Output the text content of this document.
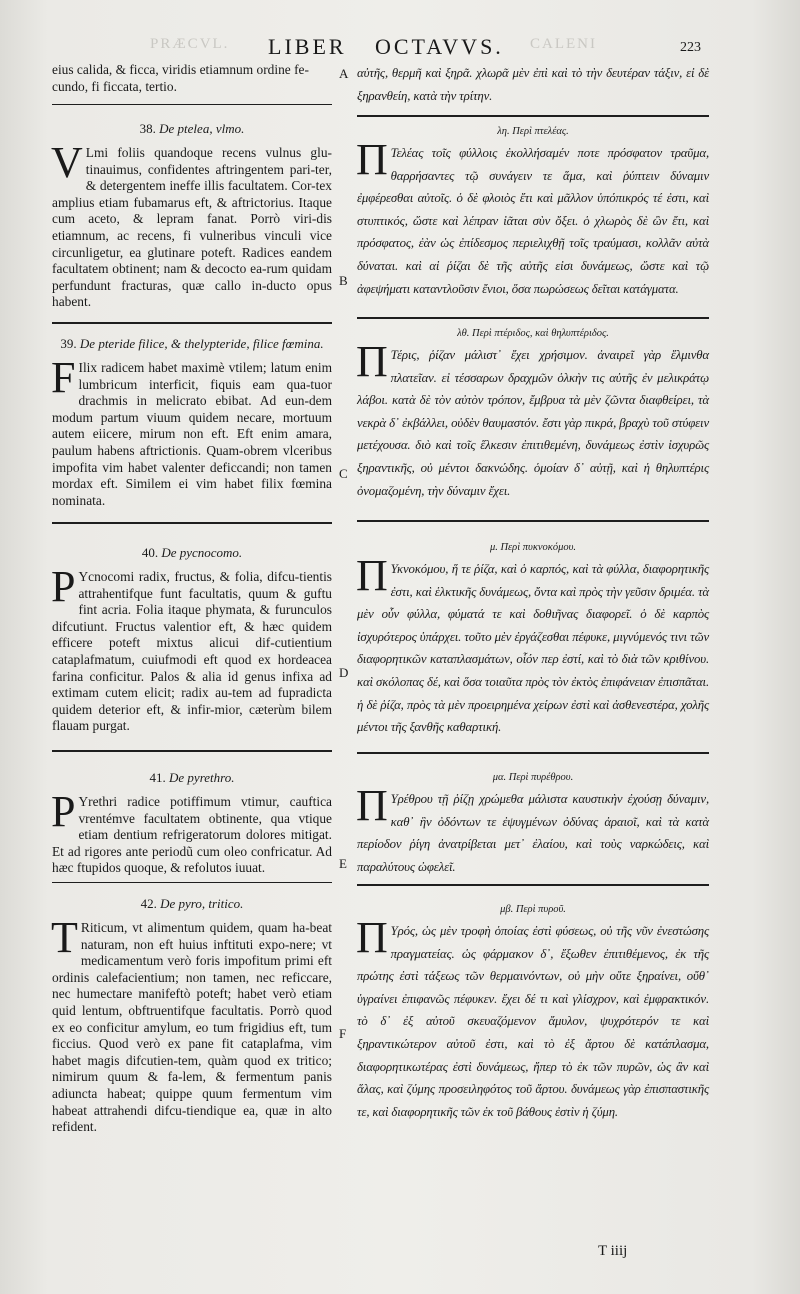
PRÆCVL.	CALENI
LIBER OCTAVVS.	223
A
B
C
D
E
F

eius calida, & ficca, viridis etiamnum ordine fe-cundo, fi ficcata, tertio.

38. De ptelea, vlmo.
V Lmi foliis quandoque recens vulnus glu-tinauimus, confidentes aftringentem pari-ter, & detergentem ineffe illis facultatem. Cor-tex amplius etiam fubamarus eft, & aftrictorius. Itaque cum aceto, & lepram fanat. Porrò viri-dis etiamnum, ac recens, fi vulneribus vinculi vice circunligetur, ea glutinare poteft. Radices eandem facultatem obtinent; nam & decocto ea-rum quidam perfundunt fracturas, quæ callo in-ducto opus habent.
39. De pteride filice, & thelypteride, filice fœmina.
F Ilix radicem habet maximè vtilem; latum enim lumbricum interficit, fiquis eam qua-tuor drachmis in melicrato ebibat. Ad eun-dem modum partum viuum quidem necare, mortuum autem eiicere, mirum non eft. Eft enim amara, paulum habens aftrictionis. Quam-obrem vlceribus impofita vim habet valenter deficcandi; non tamen mordax eft. Similem ei vim habet filix fœmina nominata.
40. De pycnocomo.
P Ycnocomi radix, fructus, & folia, difcu-tientis attrahentifque funt facultatis, quum & guftu fint acria. Folia itaque phymata, & furunculos difcutiunt. Fructus valentior eft, & hæc quidem efficere poteft mixtus alicui dif-cutientium cataplafmatum, cuiufmodi eft quod ex hordeacea farina conficitur. Palos & alia id genus infixa ad extimam cutem elicit; radix au-tem ad fupradicta quidem deterior eft, & infir-mior, cæterùm bilem flauam purgat.
41. De pyrethro.
P Yrethri radice potiffimum vtimur, cauftica vrentémve facultatem obtinente, qua vtique etiam dentium refrigeratorum dolores mitigat. Et ad rigores ante periodũ cum oleo confricatur. Ad hæc ftupidos quoque, & refolutos iuuat.
42. De pyro, tritico.
T Riticum, vt alimentum quidem, quam ha-beat naturam, non eft huius inftituti expo-nere; vt medicamentum verò foris impofitum primi eft ordinis calefacientium; non tamen, nec reficcare, nec humectare manifeftò poteft; habet verò etiam quid lentum, obftruentifque facultatis. Porrò quod ex eo conficitur amylum, eo tum frigidius eft, tum ficcius. Quod verò ex pane fit cataplafma, vim habet magis difcutien-tem, quàm quod ex tritico; nimirum quum & fa-lem, & fermentum panis adiuncta habeat; quippe quum fermentum vim habeat attrahendi difcu-tiendique ea, quæ in alto refident.

αὐτῆς, θερμῆ καὶ ξηρᾶ. χλωρᾶ μὲν ἐπὶ καὶ τὸ τὴν δευτέραν τάξιν, εἰ δὲ ξηρανθείη, κατὰ τὴν τρίτην.

λη. Περὶ πτελέας.

Π Τελέας τοῖς φύλλοις ἐκολλήσαμέν ποτε πρόσφατον τραῦμα, θαρρήσαντες τῷ συνάγειν τε ἅμα, καὶ ῥύπτειν δύναμιν ἐμφέρεσθαι αὐτοῖς. ὁ δὲ φλοιὸς ἔτι καὶ μᾶλλον ὑπόπικρός τέ ἐστι, καὶ στυπτικός, ὥστε καὶ λέπραν ἰᾶται σὺν ὄξει. ὁ χλωρὸς δὲ ὢν ἔτι, καὶ πρόσφατος, ἐὰν ὡς ἐπίδεσμος περιελιχθῇ τοῖς τραύμασι, κολλᾶν αὐτὰ δύναται. καὶ αἱ ῥίζαι δὲ τῆς αὐτῆς εἰσι δυνάμεως, ὥστε καὶ τῷ ἀφεψήματι καταντλοῦσιν ἔνιοι, ὅσα πωρώσεως δεῖται κατάγματα.

λθ. Περὶ πτέριδος, καὶ θηλυπτέριδος.

Π Τέρις, ῥίζαν μάλιστ᾿ ἔχει χρήσιμον. ἀναιρεῖ γὰρ ἕλμινθα πλατεῖαν. εἰ τέσσαρων δραχμῶν ὁλκὴν τις αὐτῆς ἐν μελικράτῳ λάβοι. κατὰ δὲ τὸν αὐτὸν τρόπον, ἔμβρυα τὰ μὲν ζῶντα διαφθείρει, τὰ νεκρὰ δ᾿ ἐκβάλλει, οὐδὲν θαυμαστόν. ἔστι γὰρ πικρά, βραχὺ τοῦ στύφειν μετέχουσα. διὸ καὶ τοῖς ἕλκεσιν ἐπιτιθεμένη, δυνάμεως ἐστὶν ἰσχυρῶς ξηραντικῆς, οὐ μέντοι δακνώδης. ὁμοίαν δ᾿ αὐτῇ, καὶ ἡ θηλυπτέρις ὀνομαζομένη, τὴν δύναμιν ἔχει.

μ. Περὶ πυκνοκόμου.

Π Υκνοκόμου, ἥ τε ῥίζα, καὶ ὁ καρπός, καὶ τὰ φύλλα, διαφορητικῆς ἐστι, καὶ ἑλκτικῆς δυνάμεως, ὄντα καὶ πρὸς τὴν γεῦσιν δριμέα. τὰ μὲν οὖν φύλλα, φύματά τε καὶ δοθιῆνας διαφορεῖ. ὁ δὲ καρπὸς ἰσχυρότερος ὑπάρχει. τοῦτο μὲν ἐργάζεσθαι πέφυκε, μιγνύμενός τινι τῶν διαφορητικῶν καταπλασμάτων, οἷόν περ ἐστί, καὶ τὸ διὰ τῶν κριθίνου. καὶ σκόλοπας δέ, καὶ ὅσα τοιαῦτα πρὸς τὸν ἐκτὸς ἐπιφάνειαν ἐπισπᾶται. ἡ δὲ ῥίζα, πρὸς τὰ μὲν προειρημένα χείρων ἐστὶ καὶ ἀσθενεστέρα, χολῆς μέντοι τῆς ξανθῆς καθαρτική.

μα. Περὶ πυρέθρου.

Π Υρέθρου τῇ ῥίζῃ χρώμεθα μάλιστα καυστικὴν ἐχούσῃ δύναμιν, καθ᾿ ἣν ὀδόντων τε ἐψυγμένων ὀδύνας ἀραιοῖ, καὶ τὰ κατὰ περίοδον ῥίγη ἀνατρίβεται μετ᾿ ἐλαίου, καὶ τοὺς ναρκώδεις, καὶ παραλύτους ὠφελεῖ.

μβ. Περὶ πυροῦ.

Π Υρός, ὡς μὲν τροφὴ ὁποίας ἐστὶ φύσεως, οὐ τῆς νῦν ἐνεστώσης πραγματείας. ὡς φάρμακον δ᾿, ἔξωθεν ἐπιτιθέμενος, ἐκ τῆς πρώτης ἐστὶ τάξεως τῶν θερμαινόντων, οὐ μὴν οὔτε ξηραίνει, οὔθ᾿ ὑγραίνει ἐπιφανῶς πέφυκεν. ἔχει δέ τι καὶ γλίσχρον, καὶ ἐμφρακτικόν. τὸ δ᾿ ἐξ αὐτοῦ σκευαζόμενον ἄμυλον, ψυχρότερόν τε καὶ ξηραντικώτερον αὐτοῦ ἐστι, καὶ τὸ ἐξ ἄρτου δὲ κατάπλασμα, διαφορητικωτέρας ἐστὶ δυνάμεως, ἤπερ τὸ ἐκ τῶν πυρῶν, ὡς ἂν καὶ ἅλας, καὶ ζύμης προσειληφότος τοῦ ἄρτου. δυνάμεως γὰρ ἐπισπαστικῆς τε, καὶ διαφορητικῆς τῶν ἐκ τοῦ βάθους ἐστὶν ἡ ζύμη.

T iiij
